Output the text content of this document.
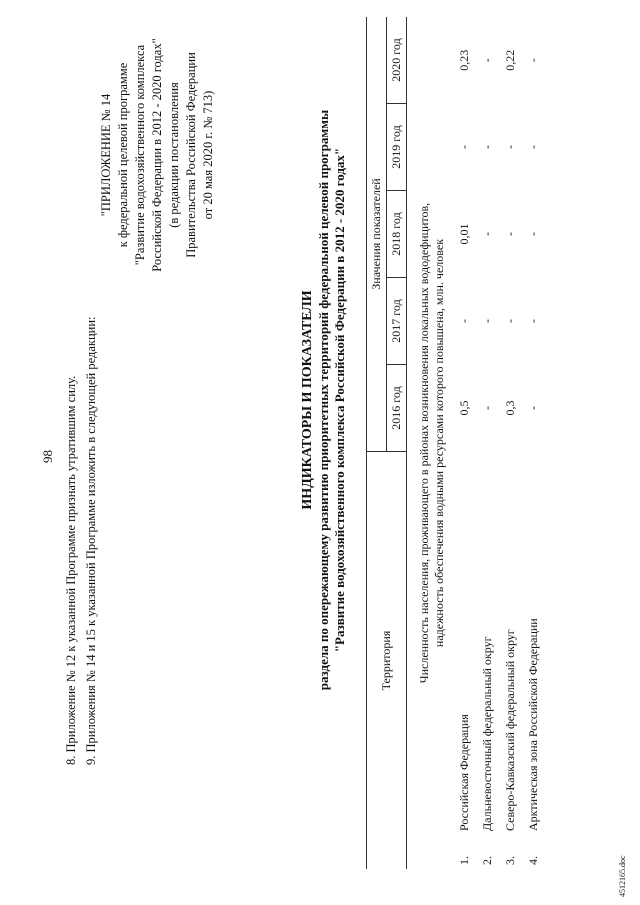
98 8. Приложение № 12 к указанной Программе признать утратившим силу. 9. Приложения № 14 и 15 к указанной Программе изложить в следующей редакции:
"ПРИЛОЖЕНИЕ № 14 к федеральной целевой программе "Развитие водохозяйственного комплекса Российской Федерации в 2012 - 2020 годах" (в редакции постановления Правительства Российской Федерации от 20 мая 2020 г. № 713)
ИНДИКАТОРЫ И ПОКАЗАТЕЛИ раздела по опережающему развитию приоритетных территорий федеральной целевой программы "Развитие водохозяйственного комплекса Российской Федерации в 2012 - 2020 годах"
Территория		Значения показателей				
		2016 год	2017 год	2018 год	2019 год	2020 год

Численность населения, проживающего в районах возникновения локальных вододефицитов, надежность обеспечения водными ресурсами которого повышена, млн. человек						

1.	Российская Федерация	0,5	-	0,01	-	0,23
2.	Дальневосточный федеральный округ	-	-	-	-	-
3.	Северо-Кавказский федеральный округ	0,3	-	-	-	0,22
4.	Арктическая зона Российской Федерации	-	-	-	-	-
4512165.doc
